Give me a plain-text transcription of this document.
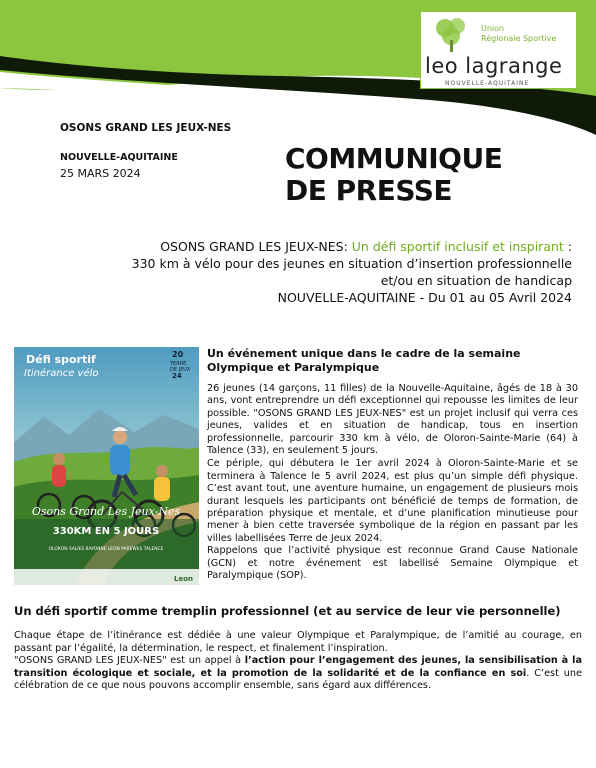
Union
Régionale Sportive
leo lagrange
NOUVELLE-AQUITAINE
OSONS GRAND LES JEUX-NES
NOUVELLE-AQUITAINE
25 MARS 2024	COMMUNIQUE
DE PRESSE
OSONS GRAND LES JEUX-NES: Un défi sportif inclusif et inspirant :
330 km à vélo pour des jeunes en situation d’insertion professionnelle
et/ou en situation de handicap
NOUVELLE-AQUITAINE - Du 01 au 05 Avril 2024
Défi sportif
Itinérance vélo
20
TERRE
DE JEUX
24
Osons Grand Les Jeux-Nes
330KM EN 5 JOURS
OLORON SALIES BAYONNE LEON PAREWES TALENCE
Leon
Un événement unique dans le cadre de la semaine Olympique et Paralympique

26 jeunes (14 garçons, 11 filles) de la Nouvelle-Aquitaine, âgés de 18 à 30 ans, vont entreprendre un défi exceptionnel qui repousse les limites de leur possible. "OSONS GRAND LES JEUX-NES" est un projet inclusif qui verra ces jeunes, valides et en situation de handicap, tous en insertion professionnelle, parcourir 330 km à vélo, de Oloron-Sainte-Marie (64) à Talence (33), en seulement 5 jours.

Ce périple, qui débutera le 1er avril 2024 à Oloron-Sainte-Marie et se terminera à Talence le 5 avril 2024, est plus qu’un simple défi physique. C’est avant tout, une aventure humaine, un engagement de plusieurs mois durant lesquels les participants ont bénéficié de temps de formation, de préparation physique et mentale, et d’une planification minutieuse pour mener à bien cette traversée symbolique de la région en passant par les villes labellisées Terre de Jeux 2024.

Rappelons que l’activité physique est reconnue Grand Cause Nationale (GCN) et notre événement est labellisé Semaine Olympique et Paralympique (SOP).

Un défi sportif comme tremplin professionnel (et au service de leur vie personnelle)

Chaque étape de l’itinérance est dédiée à une valeur Olympique et Paralympique, de l’amitié au courage, en passant par l’égalité, la détermination, le respect, et finalement l’inspiration.

"OSONS GRAND LES JEUX-NES" est un appel à l’action pour l’engagement des jeunes, la sensibilisation à la transition écologique et sociale, et la promotion de la solidarité et de la confiance en soi. C’est une célébration de ce que nous pouvons accomplir ensemble, sans égard aux différences.
